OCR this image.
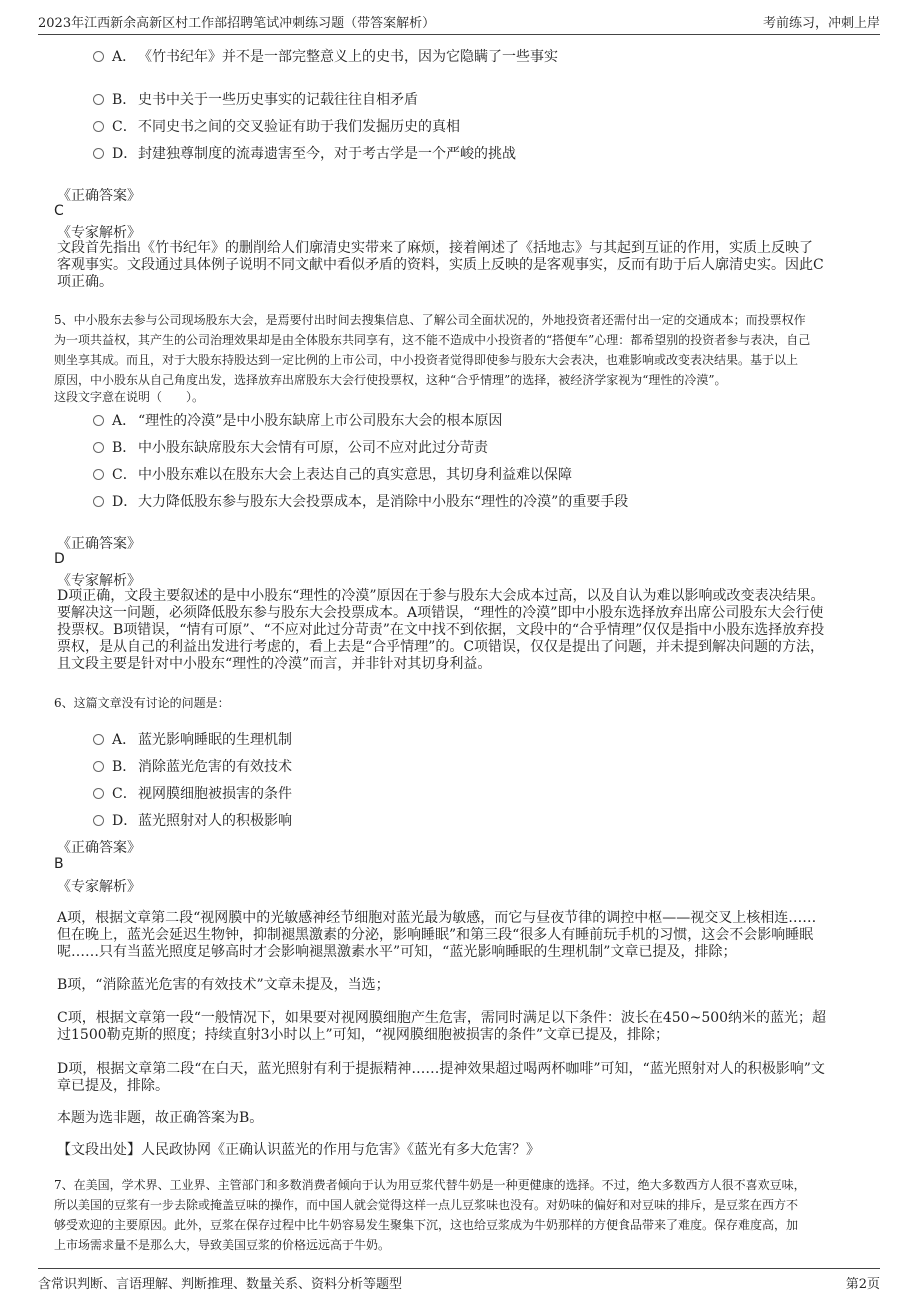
2023年江西新余高新区村工作部招聘笔试冲刺练习题（带答案解析）	考前练习，冲刺上岸
A． 《竹书纪年》并不是一部完整意义上的史书，因为它隐瞒了一些事实
B． 史书中关于一些历史事实的记载往往自相矛盾
C．不同史书之间的交叉验证有助于我们发掘历史的真相
D．封建独尊制度的流毒遗害至今，对于考古学是一个严峻的挑战
《正确答案》
C
《专家解析》
文段首先指出《竹书纪年》的删削给人们廓清史实带来了麻烦，接着阐述了《括地志》与其起到互证的作用，实质上反映了
客观事实。文段通过具体例子说明不同文献中看似矛盾的资料，实质上反映的是客观事实，反而有助于后人廓清史实。因此C
项正确。
5、中小股东去参与公司现场股东大会，是焉要付出时间去搜集信息、了解公司全面状况的，外地投资者还需付出一定的交通成本；而投票权作
为一项共益权，其产生的公司治理效果却是由全体股东共同享有，这不能不造成中小投资者的“搭便车”心理：都希望别的投资者参与表决，自己
则坐享其成。而且，对于大股东持股达到一定比例的上市公司，中小投资者觉得即使参与股东大会表决，也难影响或改变表决结果。基于以上
原因，中小股东从自己角度出发，选择放弃出席股东大会行使投票权，这种“合乎情理”的选择，被经济学家视为“理性的冷漠”。
这段文字意在说明（　　）。
A． “理性的冷漠”是中小股东缺席上市公司股东大会的根本原因
B． 中小股东缺席股东大会情有可原，公司不应对此过分苛责
C．中小股东难以在股东大会上表达自己的真实意思，其切身利益难以保障
D．大力降低股东参与股东大会投票成本，是消除中小股东“理性的冷漠”的重要手段
《正确答案》
D
《专家解析》
D项正确，文段主要叙述的是中小股东“理性的冷漠”原因在于参与股东大会成本过高，以及自认为难以影响或改变表决结果。
要解决这一问题，必须降低股东参与股东大会投票成本。A项错误，“理性的冷漠”即中小股东选择放弃出席公司股东大会行使
投票权。B项错误，“情有可原”、“不应对此过分苛责”在文中找不到依据，文段中的“合乎情理”仅仅是指中小股东选择放弃投
票权，是从自己的利益出发进行考虑的，看上去是“合乎情理”的。C项错误，仅仅是提出了问题，并未提到解决问题的方法，
且文段主要是针对中小股东“理性的冷漠”而言，并非针对其切身利益。
6、这篇文章没有讨论的问题是：
A． 蓝光影响睡眠的生理机制
B． 消除蓝光危害的有效技术
C．视网膜细胞被损害的条件
D．蓝光照射对人的积极影响
《正确答案》
B
《专家解析》
A项，根据文章第二段“视网膜中的光敏感神经节细胞对蓝光最为敏感，而它与昼夜节律的调控中枢——视交叉上核相连……
但在晚上，蓝光会延迟生物钟，抑制褪黑激素的分泌，影响睡眠”和第三段“很多人有睡前玩手机的习惯，这会不会影响睡眠
呢……只有当蓝光照度足够高时才会影响褪黑激素水平”可知，“蓝光影响睡眠的生理机制”文章已提及，排除；
B项，“消除蓝光危害的有效技术”文章未提及，当选；
C项，根据文章第一段“一般情况下，如果要对视网膜细胞产生危害，需同时满足以下条件：波长在450~500纳米的蓝光；超
过1500勒克斯的照度；持续直射3小时以上”可知，“视网膜细胞被损害的条件”文章已提及，排除；
D项，根据文章第二段“在白天，蓝光照射有利于提振精神……提神效果超过喝两杯咖啡”可知，“蓝光照射对人的积极影响”文
章已提及，排除。
本题为选非题，故正确答案为B。
【文段出处】人民政协网《正确认识蓝光的作用与危害》《蓝光有多大危害？》
7、在美国，学术界、工业界、主管部门和多数消费者倾向于认为用豆浆代替牛奶是一种更健康的选择。不过，绝大多数西方人很不喜欢豆味，
所以美国的豆浆有一步去除或掩盖豆味的操作，而中国人就会觉得这样一点儿豆浆味也没有。对奶味的偏好和对豆味的排斥，是豆浆在西方不
够受欢迎的主要原因。此外，豆浆在保存过程中比牛奶容易发生聚集下沉，这也给豆浆成为牛奶那样的方便食品带来了难度。保存难度高，加
上市场需求量不是那么大，导致美国豆浆的价格远远高于牛奶。
含常识判断、言语理解、判断推理、数量关系、资料分析等题型	第2页
